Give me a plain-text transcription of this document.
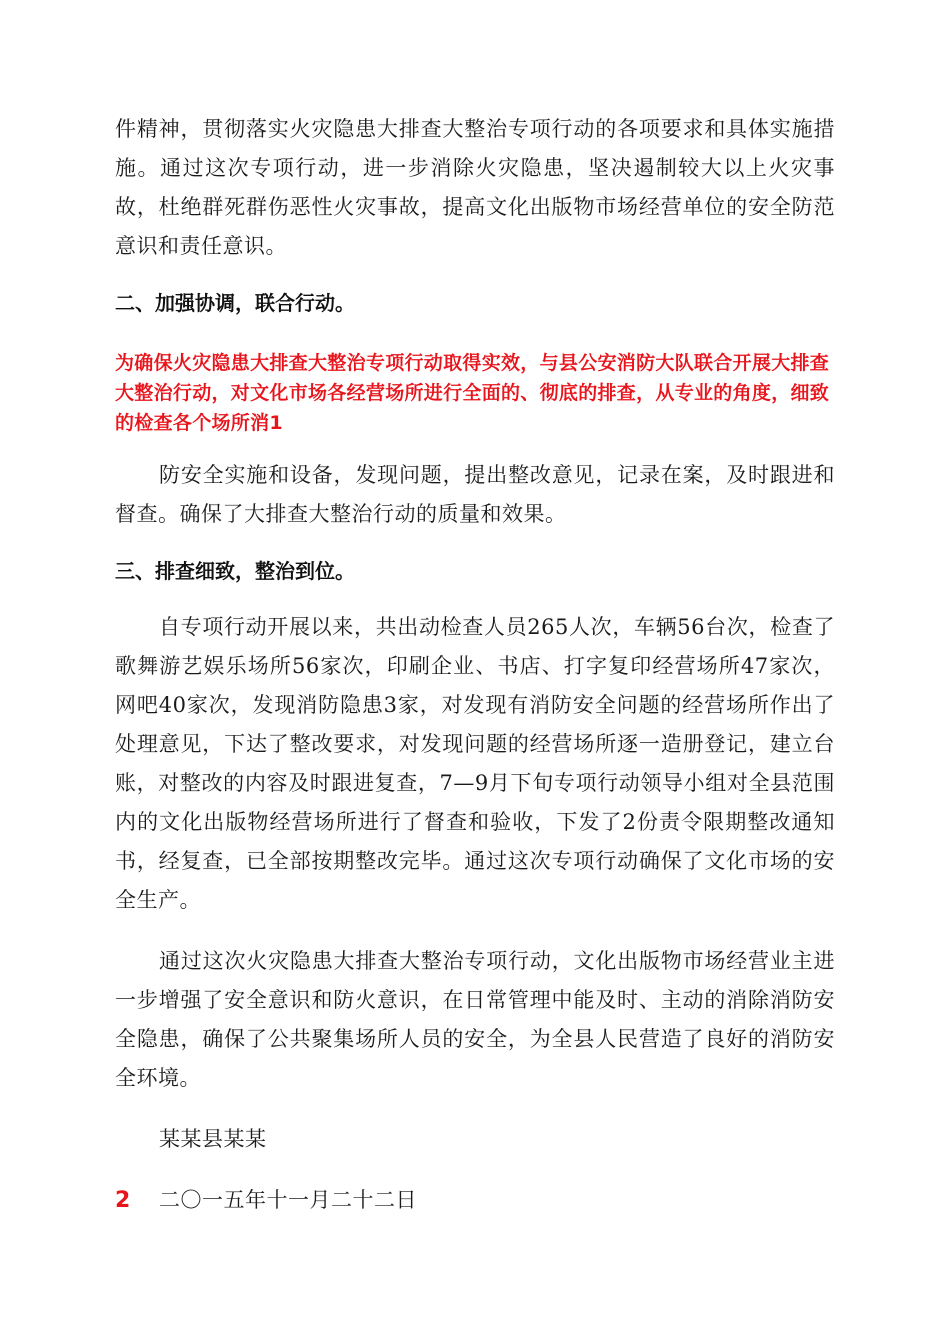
件精神，贯彻落实火灾隐患大排查大整治专项行动的各项要求和具体实施措施。通过这次专项行动，进一步消除火灾隐患，坚决遏制较大以上火灾事故，杜绝群死群伤恶性火灾事故，提高文化出版物市场经营单位的安全防范意识和责任意识。

二、加强协调，联合行动。

为确保火灾隐患大排查大整治专项行动取得实效，与县公安消防大队联合开展大排查大整治行动，对文化市场各经营场所进行全面的、彻底的排查，从专业的角度，细致的检查各个场所消1

防安全实施和设备，发现问题，提出整改意见，记录在案，及时跟进和督查。确保了大排查大整治行动的质量和效果。

三、排查细致，整治到位。

自专项行动开展以来，共出动检查人员265人次，车辆56台次，检查了歌舞游艺娱乐场所56家次，印刷企业、书店、打字复印经营场所47家次，网吧40家次，发现消防隐患3家，对发现有消防安全问题的经营场所作出了处理意见，下达了整改要求，对发现问题的经营场所逐一造册登记，建立台账，对整改的内容及时跟进复查，7—9月下旬专项行动领导小组对全县范围内的文化出版物经营场所进行了督查和验收，下发了2份责令限期整改通知书，经复查，已全部按期整改完毕。通过这次专项行动确保了文化市场的安全生产。

通过这次火灾隐患大排查大整治专项行动，文化出版物市场经营业主进一步增强了安全意识和防火意识，在日常管理中能及时、主动的消除消防安全隐患，确保了公共聚集场所人员的安全，为全县人民营造了良好的消防安全环境。

某某县某某

二〇一五年十一月二十二日

2
